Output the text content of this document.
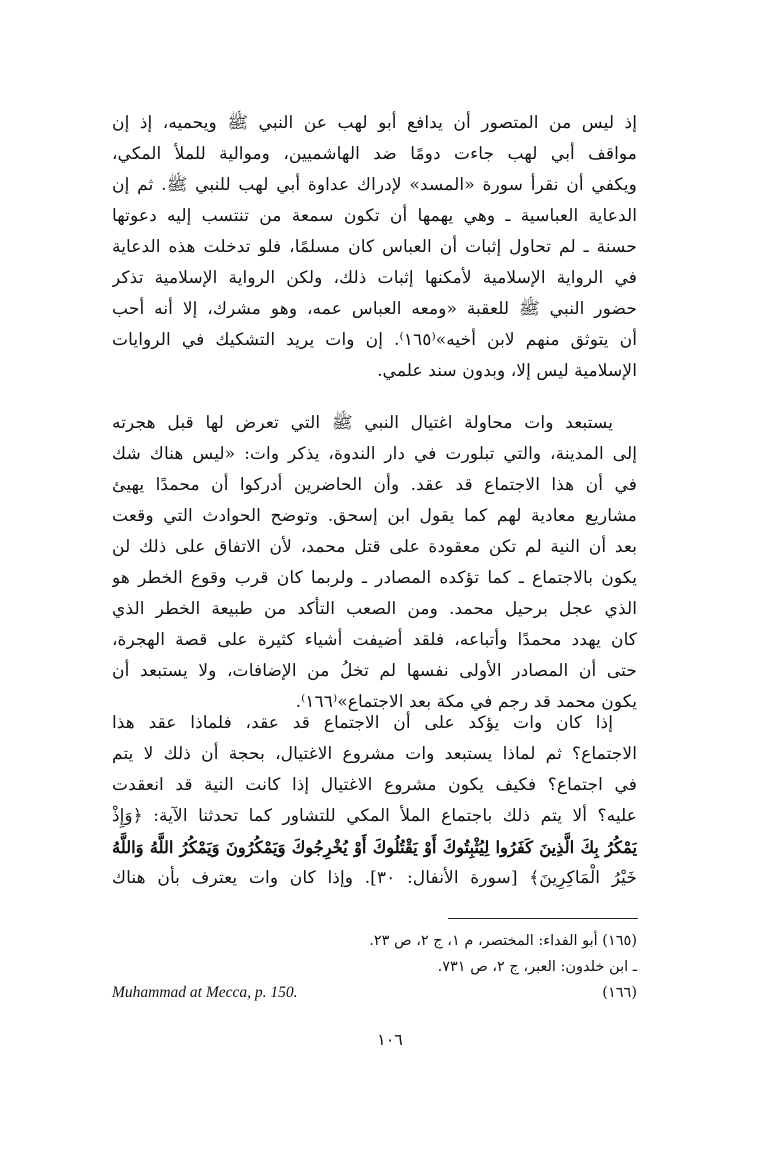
إذ ليس من المتصور أن يدافع أبو لهب عن النبي ﷺ ويحميه، إذ إن
مواقف أبي لهب جاءت دومًا ضد الهاشميين، وموالية للملأ المكي،
ويكفي أن نقرأ سورة «المسد» لإدراك عداوة أبي لهب للنبي ﷺ. ثم إن
الدعاية العباسية ـ وهي يهمها أن تكون سمعة من تنتسب إليه دعوتها
حسنة ـ لم تحاول إثبات أن العباس كان مسلمًا، فلو تدخلت هذه الدعاية
في الرواية الإسلامية لأمكنها إثبات ذلك، ولكن الرواية الإسلامية تذكر
حضور النبي ﷺ للعقبة «ومعه العباس عمه، وهو مشرك، إلا أنه أحب
أن يتوثق منهم لابن أخيه»⁽١٦٥⁾. إن وات يريد التشكيك في الروايات
الإسلامية ليس إلا، وبدون سند علمي.
يستبعد وات محاولة اغتيال النبي ﷺ التي تعرض لها قبل هجرته
إلى المدينة، والتي تبلورت في دار الندوة، يذكر وات: «ليس هناك شك
في أن هذا الاجتماع قد عقد. وأن الحاضرين أدركوا أن محمدًا يهيئ
مشاريع معادية لهم كما يقول ابن إسحق. وتوضح الحوادث التي وقعت
بعد أن النية لم تكن معقودة على قتل محمد، لأن الاتفاق على ذلك لن
يكون بالاجتماع ـ كما تؤكده المصادر ـ ولربما كان قرب وقوع الخطر هو
الذي عجل برحيل محمد. ومن الصعب التأكد من طبيعة الخطر الذي
كان يهدد محمدًا وأتباعه، فلقد أضيفت أشياء كثيرة على قصة الهجرة،
حتى أن المصادر الأولى نفسها لم تخلُ من الإضافات، ولا يستبعد أن
يكون محمد قد رجم في مكة بعد الاجتماع»⁽١٦٦⁾.
إذا كان وات يؤكد على أن الاجتماع قد عقد، فلماذا عقد هذا
الاجتماع؟ ثم لماذا يستبعد وات مشروع الاغتيال، بحجة أن ذلك لا يتم
في اجتماع؟ فكيف يكون مشروع الاغتيال إذا كانت النية قد انعقدت
عليه؟ ألا يتم ذلك باجتماع الملأ المكي للتشاور كما تحدثنا الآية: ﴿وَإِذْ
يَمْكُرُ بِكَ الَّذِينَ كَفَرُوا لِيُثْبِتُوكَ أَوْ يَقْتُلُوكَ أَوْ يُخْرِجُوكَ وَيَمْكُرُونَ وَيَمْكُرُ اللَّهُ وَاللَّهُ
خَيْرُ الْمَاكِرِينَ﴾ [سورة الأنفال: ٣٠]. وإذا كان وات يعترف بأن هناك
(١٦٥) أبو الفداء: المختصر، م ١، ج ٢، ص ٢٣.
ـ ابن خلدون: العبر، ج ٢، ص ٧٣١.
(١٦٦)
Muhammad at Mecca, p. 150.
١٠٦
